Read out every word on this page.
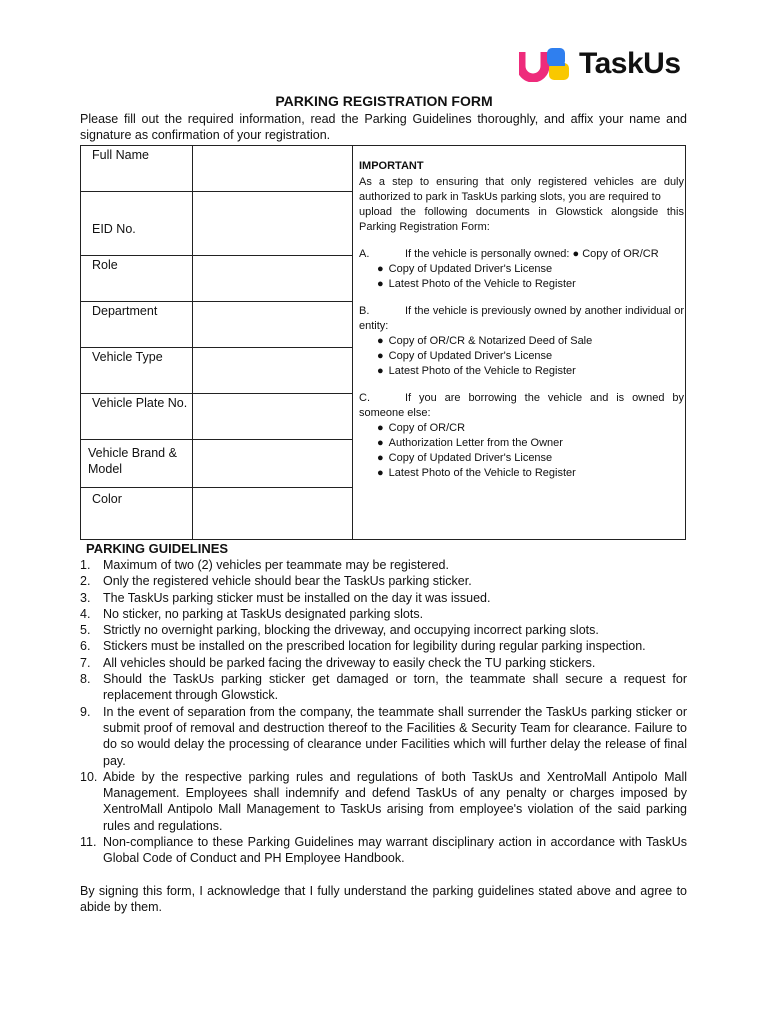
TaskUs
PARKING REGISTRATION FORM
Please fill out the required information, read the Parking Guidelines thoroughly, and affix your name and signature as confirmation of your registration.
Full Name
EID No.
Role
Department
Vehicle Type
Vehicle Plate No.
Vehicle Brand & Model
Color
IMPORTANT
As a step to ensuring that only registered vehicles are duly authorized to park in TaskUs parking slots, you are required to
upload the following documents in Glowstick alongside this Parking Registration Form:
A.	If the vehicle is personally owned: ● Copy of OR/CR
● Copy of Updated Driver's License
● Latest Photo of the Vehicle to Register
B.	If the vehicle is previously owned by another individual or entity:
● Copy of OR/CR & Notarized Deed of Sale
● Copy of Updated Driver's License
● Latest Photo of the Vehicle to Register
C.	If you are borrowing the vehicle and is owned by someone else:
● Copy of OR/CR
● Authorization Letter from the Owner
● Copy of Updated Driver's License
● Latest Photo of the Vehicle to Register
PARKING GUIDELINES
1.	Maximum of two (2) vehicles per teammate may be registered.
2.	Only the registered vehicle should bear the TaskUs parking sticker.
3.	The TaskUs parking sticker must be installed on the day it was issued.
4.	No sticker, no parking at TaskUs designated parking slots.
5.	Strictly no overnight parking, blocking the driveway, and occupying incorrect parking slots.
6.	Stickers must be installed on the prescribed location for legibility during regular parking inspection.
7.	All vehicles should be parked facing the driveway to easily check the TU parking stickers.
8.	Should the TaskUs parking sticker get damaged or torn, the teammate shall secure a request for replacement through Glowstick.
9.	In the event of separation from the company, the teammate shall surrender the TaskUs parking sticker or submit proof of removal and destruction thereof to the Facilities & Security Team for clearance. Failure to do so would delay the processing of clearance under Facilities which will further delay the release of final pay.
10. Abide by the respective parking rules and regulations of both TaskUs and XentroMall Antipolo Mall Management. Employees shall indemnify and defend TaskUs of any penalty or charges imposed by XentroMall Antipolo Mall Management to TaskUs arising from employee's violation of the said parking rules and regulations.
11. Non-compliance to these Parking Guidelines may warrant disciplinary action in accordance with TaskUs Global Code of Conduct and PH Employee Handbook.
By signing this form, I acknowledge that I fully understand the parking guidelines stated above and agree to abide by them.
